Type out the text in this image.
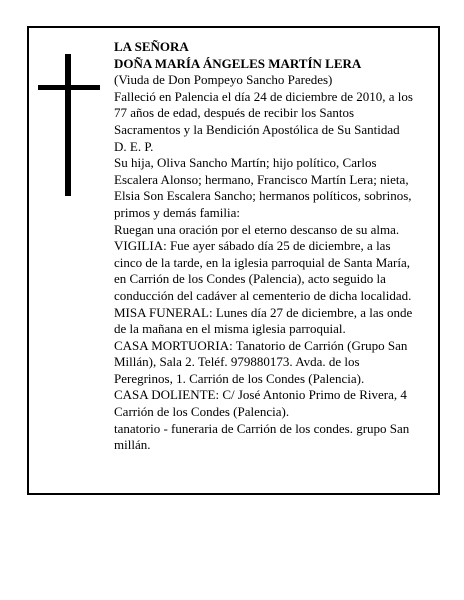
LA SEÑORA

DOÑA MARÍA ÁNGELES MARTÍN LERA

(Viuda de Don Pompeyo Sancho Paredes)

Falleció en Palencia el día 24 de diciembre de 2010, a los 77 años de edad, después de recibir los Santos Sacramentos y la Bendición Apostólica de Su Santidad

D. E. P.

Su hija, Oliva Sancho Martín; hijo político, Carlos Escalera Alonso; hermano, Francisco Martín Lera; nieta, Elsia Son Escalera Sancho; hermanos políticos, sobrinos, primos y demás familia:

Ruegan una oración por el eterno descanso de su alma.

VIGILIA: Fue ayer sábado día 25 de diciembre, a las cinco de la tarde, en la iglesia parroquial de Santa María, en Carrión de los Condes (Palencia), acto seguido la conducción del cadáver al cementerio de dicha localidad.

MISA FUNERAL: Lunes día 27 de diciembre, a las onde de la mañana en el misma iglesia parroquial.

CASA MORTUORIA: Tanatorio de Carrión (Grupo San Millán), Sala 2. Teléf. 979880173. Avda. de los Peregrinos, 1. Carrión de los Condes (Palencia).

CASA DOLIENTE: C/ José Antonio Primo de Rivera, 4 Carrión de los Condes (Palencia).

tanatorio - funeraria de Carrión de los condes. grupo San millán.
